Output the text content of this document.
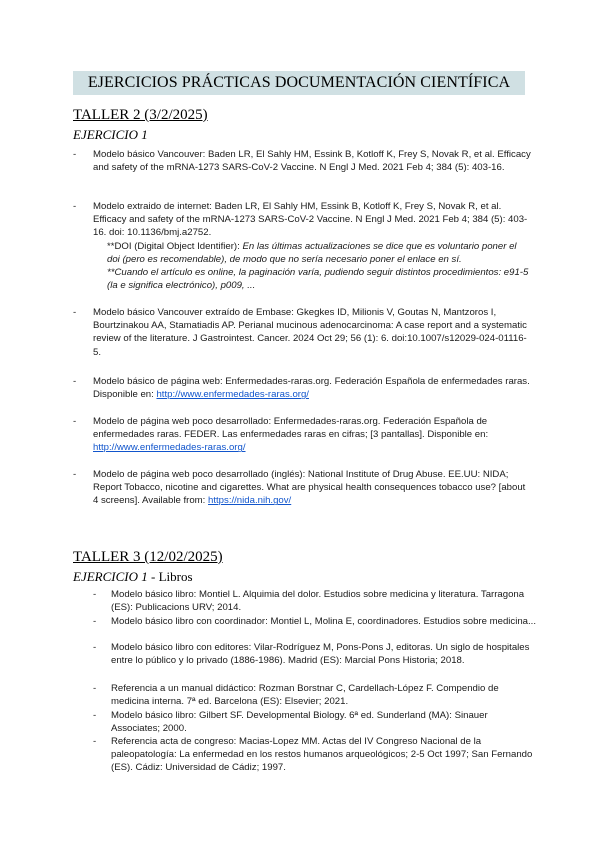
EJERCICIOS PRÁCTICAS DOCUMENTACIÓN CIENTÍFICA
TALLER 2 (3/2/2025)
EJERCICIO 1
- Modelo básico Vancouver: Baden LR, El Sahly HM, Essink B, Kotloff K, Frey S, Novak R, et al. Efficacy and safety of the mRNA-1273 SARS-CoV-2 Vaccine. N Engl J Med. 2021 Feb 4; 384 (5): 403-16.
- Modelo extraido de internet: Baden LR, El Sahly HM, Essink B, Kotloff K, Frey S, Novak R, et al. Efficacy and safety of the mRNA-1273 SARS-CoV-2 Vaccine. N Engl J Med. 2021 Feb 4; 384 (5): 403-16. doi: 10.1136/bmj.a2752.
**DOI (Digital Object Identifier): En las últimas actualizaciones se dice que es voluntario poner el doi (pero es recomendable), de modo que no sería necesario poner el enlace en sí.
**Cuando el artículo es online, la paginación varía, pudiendo seguir distintos procedimientos: e91-5 (la e significa electrónico), p009, ...
- Modelo básico Vancouver extraído de Embase: Gkegkes ID, Milionis V, Goutas N, Mantzoros I, Bourtzinakou AA, Stamatiadis AP. Perianal mucinous adenocarcinoma: A case report and a systematic review of the literature. J Gastrointest. Cancer. 2024 Oct 29; 56 (1): 6. doi:10.1007/s12029-024-01116-5.
- Modelo básico de página web: Enfermedades-raras.org. Federación Española de enfermedades raras. Disponible en: http://www.enfermedades-raras.org/
- Modelo de página web poco desarrollado: Enfermedades-raras.org. Federación Española de enfermedades raras. FEDER. Las enfermedades raras en cifras; [3 pantallas]. Disponible en: http://www.enfermedades-raras.org/
- Modelo de página web poco desarrollado (inglés): National Institute of Drug Abuse. EE.UU: NIDA; Report Tobacco, nicotine and cigarettes. What are physical health consequences tobacco use? [about 4 screens]. Available from: https://nida.nih.gov/
TALLER 3 (12/02/2025)
EJERCICIO 1 - Libros
- Modelo básico libro: Montiel L. Alquimia del dolor. Estudios sobre medicina y literatura. Tarragona (ES): Publicacions URV; 2014.
- Modelo básico libro con coordinador: Montiel L, Molina E, coordinadores. Estudios sobre medicina...
- Modelo básico libro con editores: Vilar-Rodríguez M, Pons-Pons J, editoras. Un siglo de hospitales entre lo público y lo privado (1886-1986). Madrid (ES): Marcial Pons Historia; 2018.
- Referencia a un manual didáctico: Rozman Borstnar C, Cardellach-López F. Compendio de medicina interna. 7ª ed. Barcelona (ES): Elsevier; 2021.
- Modelo básico libro: Gilbert SF. Developmental Biology. 6ª ed. Sunderland (MA): Sinauer Associates; 2000.
- Referencia acta de congreso: Macias-Lopez MM. Actas del IV Congreso Nacional de la paleopatología: La enfermedad en los restos humanos arqueológicos; 2-5 Oct 1997; San Fernando (ES). Cádiz: Universidad de Cádiz; 1997.
